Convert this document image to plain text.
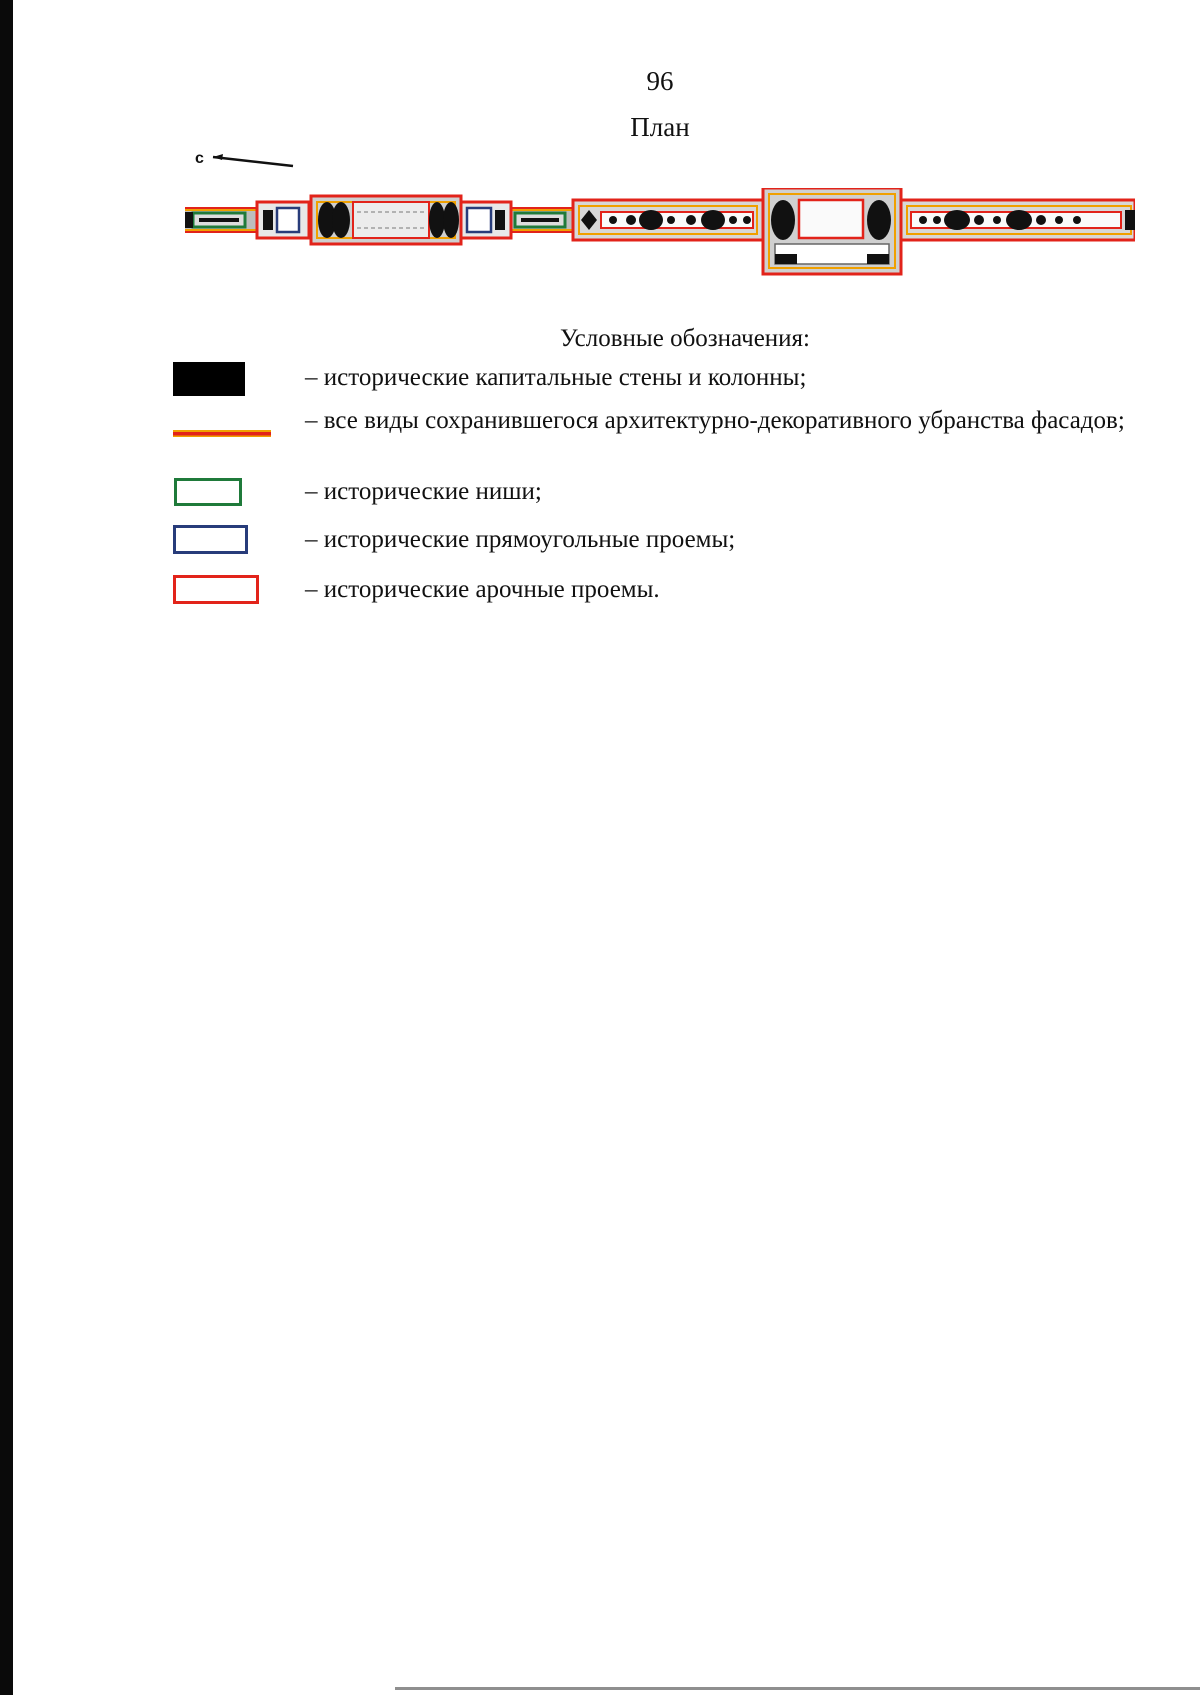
96
План
с
Условные обозначения:
– исторические капитальные стены и колонны;
– все виды сохранившегося архитектурно-декоративного убранства фасадов;
– исторические ниши;
– исторические прямоугольные проемы;
– исторические арочные проемы.
